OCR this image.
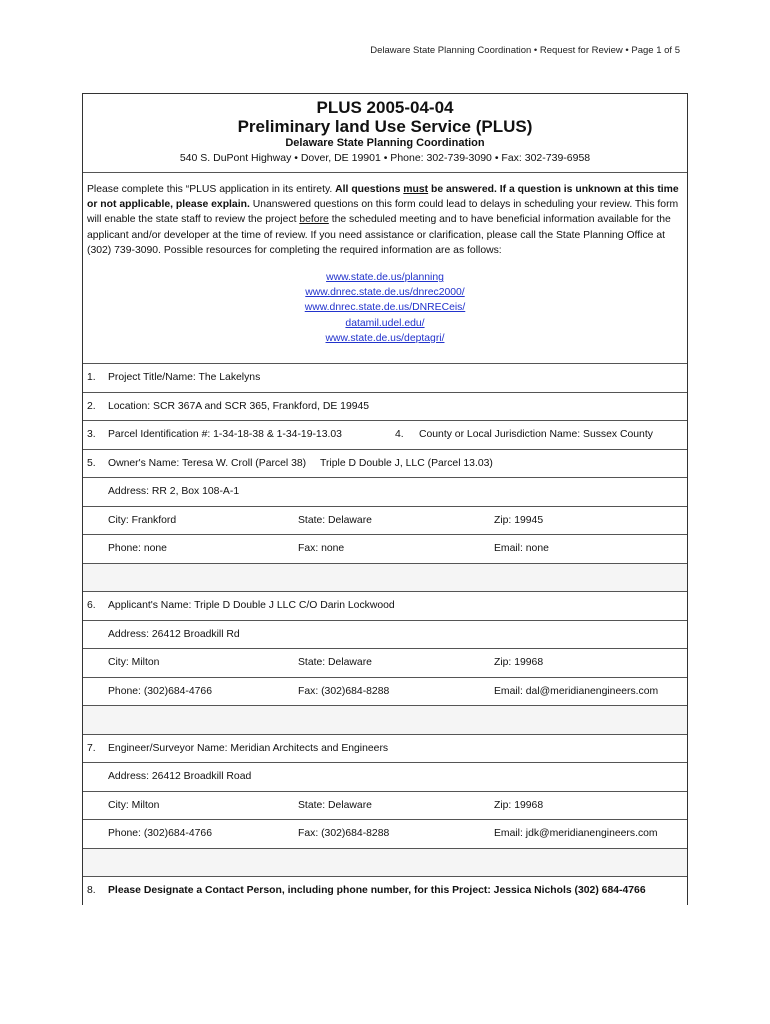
Delaware State Planning Coordination • Request for Review • Page 1 of 5
PLUS 2005-04-04
Preliminary land Use Service (PLUS)
Delaware State Planning Coordination
540 S. DuPont Highway • Dover, DE 19901 • Phone: 302-739-3090 • Fax: 302-739-6958
Please complete this “PLUS application in its entirety. All questions must be answered. If a question is unknown at this time or not applicable, please explain. Unanswered questions on this form could lead to delays in scheduling your review. This form will enable the state staff to review the project before the scheduled meeting and to have beneficial information available for the applicant and/or developer at the time of review. If you need assistance or clarification, please call the State Planning Office at (302) 739-3090. Possible resources for completing the required information are as follows:
www.state.de.us/planning
www.dnrec.state.de.us/dnrec2000/
www.dnrec.state.de.us/DNRECeis/
datamil.udel.edu/
www.state.de.us/deptagri/
1. Project Title/Name: The Lakelyns
2. Location: SCR 367A and SCR 365, Frankford, DE 19945
3. Parcel Identification #: 1-34-18-38 & 1-34-19-13.03	4. County or Local Jurisdiction Name: Sussex County
5. Owner's Name: Teresa W. Croll (Parcel 38) Triple D Double J, LLC (Parcel 13.03)
Address: RR 2, Box 108-A-1
City: Frankford	State: Delaware	Zip: 19945
Phone: none	Fax: none	Email: none
6. Applicant's Name: Triple D Double J LLC C/O Darin Lockwood
Address: 26412 Broadkill Rd
City: Milton	State: Delaware	Zip: 19968
Phone: (302)684-4766	Fax: (302)684-8288	Email: dal@meridianengineers.com
7. Engineer/Surveyor Name: Meridian Architects and Engineers
Address: 26412 Broadkill Road
City: Milton	State: Delaware	Zip: 19968
Phone: (302)684-4766	Fax: (302)684-8288	Email: jdk@meridianengineers.com
8. Please Designate a Contact Person, including phone number, for this Project: Jessica Nichols (302) 684-4766
